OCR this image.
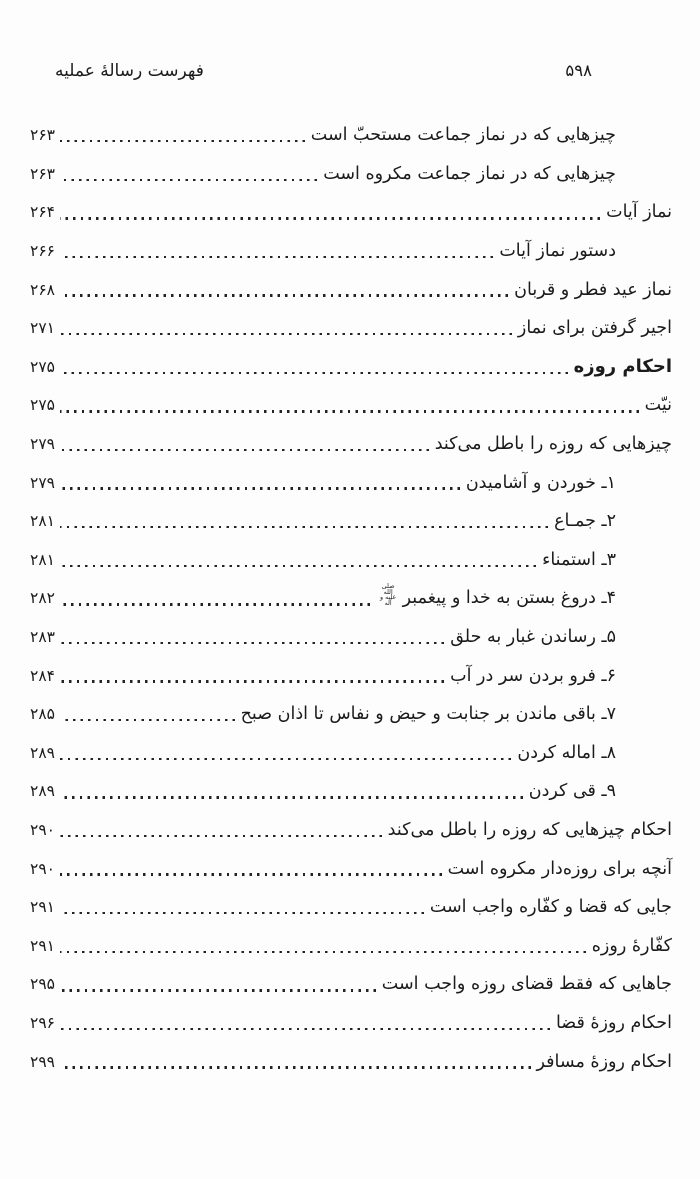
۵۹۸
فهرست رسالهٔ عملیه
چیزهایی که در نماز جماعت مستحبّ است
۲۶۳
چیزهایی که در نماز جماعت مکروه است
۲۶۳
نماز آیات
۲۶۴
دستور نماز آیات
۲۶۶
نماز عید فطر و قربان
۲۶۸
اجیر گرفتن برای نماز
۲۷۱
احکام روزه
۲۷۵
نیّت
۲۷۵
چیزهایی که روزه را باطل می‌کند
۲۷۹
۱ـ خوردن و آشامیدن
۲۷۹
۲ـ جمـاع
۲۸۱
۳ـ استمناء
۲۸۱
۴ـ دروغ بستن به خدا و پیغمبرصلی الله علیه و آله
۲۸۲
۵ـ رساندن غبار به حلق
۲۸۳
۶ـ فرو بردن سر در آب
۲۸۴
۷ـ باقی ماندن بر جنابت و حیض و نفاس تا اذان صبح
۲۸۵
۸ـ اماله کردن
۲۸۹
۹ـ قی کردن
۲۸۹
احکام چیزهایی که روزه را باطل می‌کند
۲۹۰
آنچه برای روزه‌دار مکروه است
۲۹۰
جایی که قضا و کفّاره واجب است
۲۹۱
کفّارهٔ روزه
۲۹۱
جاهایی که فقط قضای روزه واجب است
۲۹۵
احکام روزهٔ قضا
۲۹۶
احکام روزهٔ مسافر
۲۹۹
